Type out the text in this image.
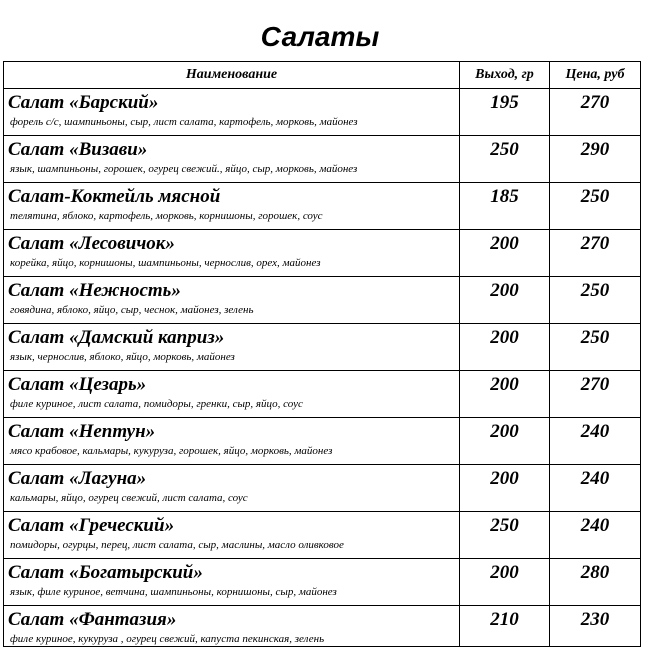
Салаты
Наименование	Выход, гр	Цена, руб

Салат «Барский»
форель с/с, шампиньоны, сыр, лист салата, картофель, морковь, майонез	195	270

Салат «Визави»
язык, шампиньоны, горошек, огурец свежий., яйцо, сыр, морковь, майонез	250	290

Салат-Коктейль мясной
телятина, яблоко, картофель, морковь, корнишоны, горошек, соус	185	250

Салат «Лесовичок»
корейка, яйцо, корнишоны, шампиньоны, чернослив, орех, майонез	200	270

Салат «Нежность»
говядина, яблоко, яйцо, сыр, чеснок, майонез, зелень	200	250

Салат «Дамский каприз»
язык, чернослив, яблоко, яйцо, морковь, майонез	200	250

Салат «Цезарь»
филе куриное, лист салата, помидоры, гренки, сыр, яйцо, соус	200	270

Салат «Нептун»
мясо крабовое, кальмары, кукуруза, горошек, яйцо, морковь, майонез	200	240

Салат «Лагуна»
кальмары, яйцо, огурец свежий, лист салата, соус	200	240

Салат «Греческий»
помидоры, огурцы, перец, лист салата, сыр, маслины, масло оливковое	250	240

Салат «Богатырский»
язык, филе куриное, ветчина, шампиньоны, корнишоны, сыр, майонез	200	280

Салат «Фантазия»
филе куриное, кукуруза , огурец свежий, капуста пекинская, зелень	210	230
